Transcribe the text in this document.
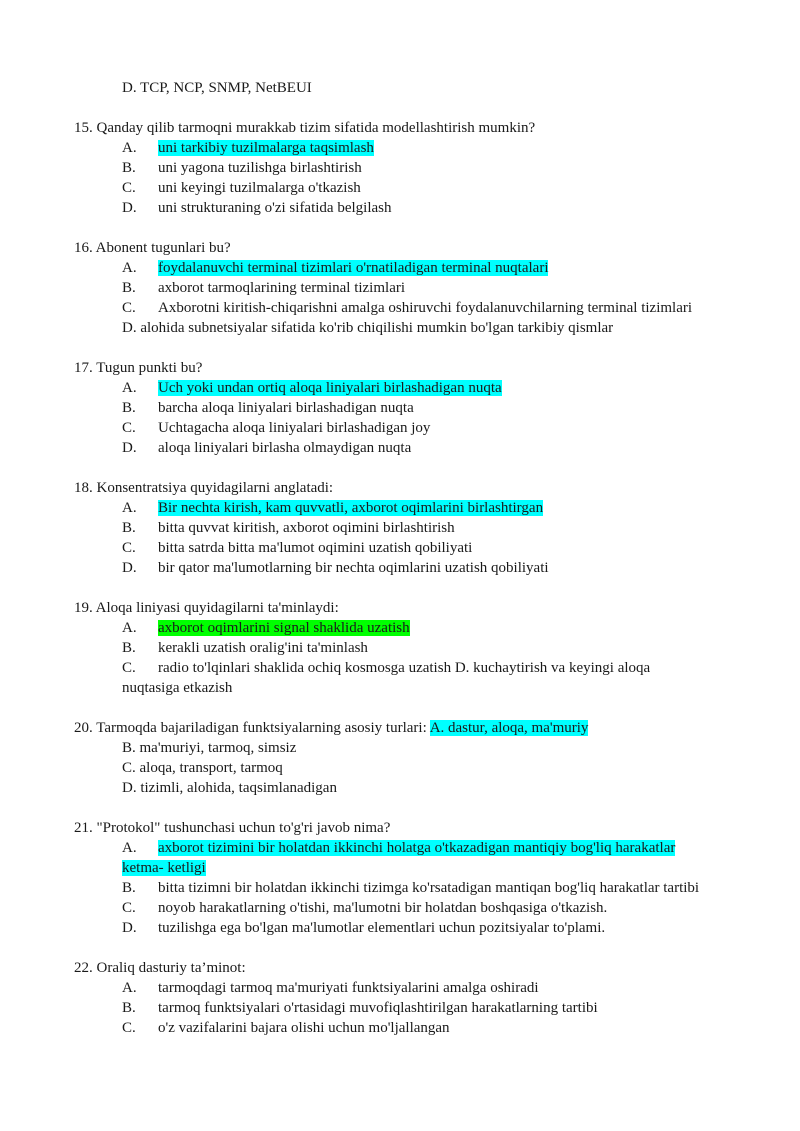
D. TCP, NCP, SNMP, NetBEUI
15. Qanday qilib tarmoqni murakkab tizim sifatida modellashtirish mumkin?
A. uni tarkibiy tuzilmalarga taqsimlash
B. uni yagona tuzilishga birlashtirish
C. uni keyingi tuzilmalarga o'tkazish
D. uni strukturaning o'zi sifatida belgilash
16. Abonent tugunlari bu?
A. foydalanuvchi terminal tizimlari o'rnatiladigan terminal nuqtalari
B. axborot tarmoqlarining terminal tizimlari
C. Axborotni kiritish-chiqarishni amalga oshiruvchi foydalanuvchilarning terminal tizimlari
D. alohida subnetsiyalar sifatida ko'rib chiqilishi mumkin bo'lgan tarkibiy qismlar
17. Tugun punkti bu?
A. Uch yoki undan ortiq aloqa liniyalari birlashadigan nuqta
B. barcha aloqa liniyalari birlashadigan nuqta
C. Uchtagacha aloqa liniyalari birlashadigan joy
D. aloqa liniyalari birlasha olmaydigan nuqta
18. Konsentratsiya quyidagilarni anglatadi:
A. Bir nechta kirish, kam quvvatli, axborot oqimlarini birlashtirgan
B. bitta quvvat kiritish, axborot oqimini birlashtirish
C. bitta satrda bitta ma'lumot oqimini uzatish qobiliyati
D. bir qator ma'lumotlarning bir nechta oqimlarini uzatish qobiliyati
19. Aloqa liniyasi quyidagilarni ta'minlaydi:
A. axborot oqimlarini signal shaklida uzatish
B. kerakli uzatish oralig'ini ta'minlash
C. radio to'lqinlari shaklida ochiq kosmosga uzatish D. kuchaytirish va keyingi aloqa
nuqtasiga etkazish
20. Tarmoqda bajariladigan funktsiyalarning asosiy turlari: A. dastur, aloqa, ma'muriy
B. ma'muriyi, tarmoq, simsiz
C. aloqa, transport, tarmoq
D. tizimli, alohida, taqsimlanadigan
21. "Protokol" tushunchasi uchun to'g'ri javob nima?
A. axborot tizimini bir holatdan ikkinchi holatga o'tkazadigan mantiqiy bog'liq harakatlar
ketma- ketligi
B. bitta tizimni bir holatdan ikkinchi tizimga ko'rsatadigan mantiqan bog'liq harakatlar tartibi
C. noyob harakatlarning o'tishi, ma'lumotni bir holatdan boshqasiga o'tkazish.
D. tuzilishga ega bo'lgan ma'lumotlar elementlari uchun pozitsiyalar to'plami.
22. Oraliq dasturiy ta’minot:
A. tarmoqdagi tarmoq ma'muriyati funktsiyalarini amalga oshiradi
B. tarmoq funktsiyalari o'rtasidagi muvofiqlashtirilgan harakatlarning tartibi
C. o'z vazifalarini bajara olishi uchun mo'ljallangan
